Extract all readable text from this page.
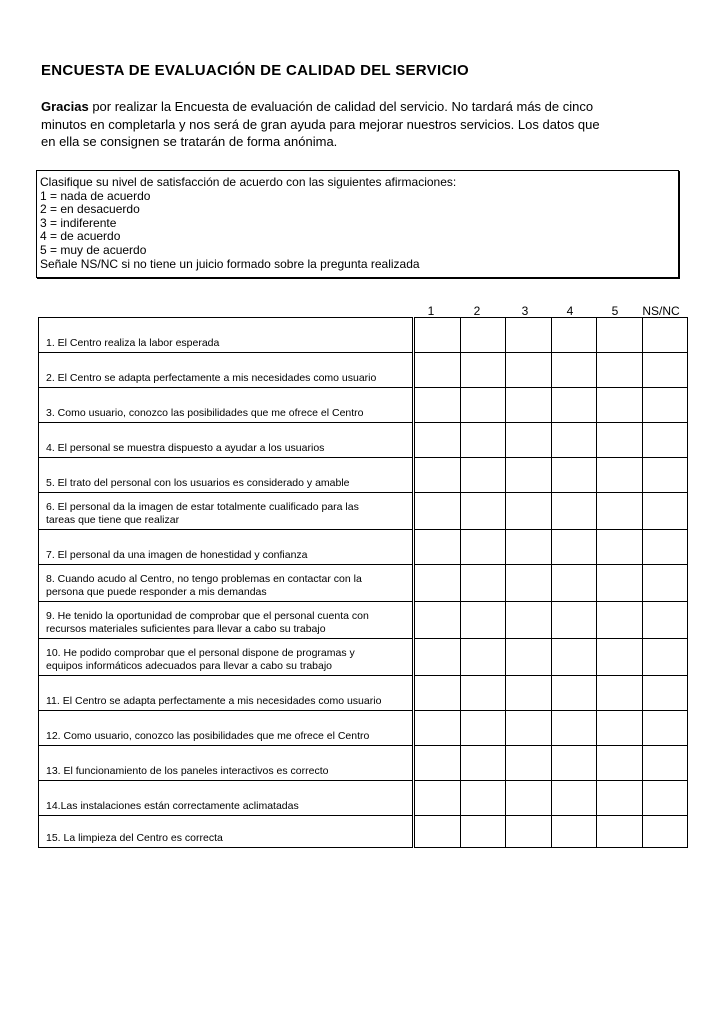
ENCUESTA DE EVALUACIÓN DE CALIDAD DEL SERVICIO
Gracias por realizar la Encuesta de evaluación de calidad del servicio. No tardará más de cinco
minutos en completarla y nos será de gran ayuda para mejorar nuestros servicios. Los datos que
en ella se consignen se tratarán de forma anónima.
Clasifique su nivel de satisfacción de acuerdo con las siguientes afirmaciones:
1 = nada de acuerdo
2 = en desacuerdo
3 = indiferente
4 = de acuerdo
5 = muy de acuerdo
Señale NS/NC si no tiene un juicio formado sobre la pregunta realizada
1	2	3	4	5	NS/NC
1. El Centro realiza la labor esperada							
2. El Centro se adapta perfectamente a mis necesidades como usuario							
3. Como usuario, conozco las posibilidades que me ofrece el Centro							
4. El personal se muestra dispuesto a ayudar a los usuarios							
5. El trato del personal con los usuarios es considerado y amable							
6. El personal da la imagen de estar totalmente cualificado para las
tareas que tiene que realizar							
7. El personal da una imagen de honestidad y confianza							
8. Cuando acudo al Centro, no tengo problemas en contactar con la
persona que puede responder a mis demandas							
9. He tenido la oportunidad de comprobar que el personal cuenta con
recursos materiales suficientes para llevar a cabo su trabajo							
10. He podido comprobar que el personal dispone de programas y
equipos informáticos adecuados para llevar a cabo su trabajo							
11. El Centro se adapta perfectamente a mis necesidades como usuario							
12. Como usuario, conozco las posibilidades que me ofrece el Centro							
13. El funcionamiento de los paneles interactivos es correcto							
14.Las instalaciones están correctamente aclimatadas							
15. La limpieza del Centro es correcta							
